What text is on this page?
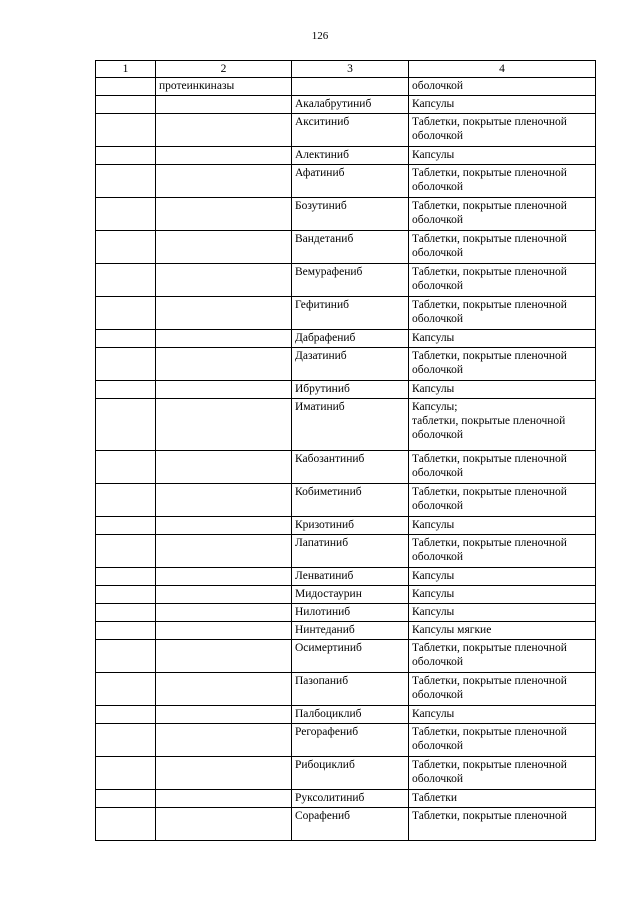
126
1	2	3	4
	протеинкиназы		оболочкой
		Акалабрутиниб	Капсулы
		Акситиниб	Таблетки, покрытые пленочной оболочкой
		Алектиниб	Капсулы
		Афатиниб	Таблетки, покрытые пленочной оболочкой
		Бозутиниб	Таблетки, покрытые пленочной оболочкой
		Вандетаниб	Таблетки, покрытые пленочной оболочкой
		Вемурафениб	Таблетки, покрытые пленочной оболочкой
		Гефитиниб	Таблетки, покрытые пленочной оболочкой
		Дабрафениб	Капсулы
		Дазатиниб	Таблетки, покрытые пленочной оболочкой
		Ибрутиниб	Капсулы
		Иматиниб	Капсулы;
таблетки, покрытые пленочной оболочкой
		Кабозантиниб	Таблетки, покрытые пленочной оболочкой
		Кобиметиниб	Таблетки, покрытые пленочной оболочкой
		Кризотиниб	Капсулы
		Лапатиниб	Таблетки, покрытые пленочной оболочкой
		Ленватиниб	Капсулы
		Мидостаурин	Капсулы
		Нилотиниб	Капсулы
		Нинтеданиб	Капсулы мягкие
		Осимертиниб	Таблетки, покрытые пленочной оболочкой
		Пазопаниб	Таблетки, покрытые пленочной оболочкой
		Палбоциклиб	Капсулы
		Регорафениб	Таблетки, покрытые пленочной оболочкой
		Рибоциклиб	Таблетки, покрытые пленочной оболочкой
		Руксолитиниб	Таблетки
		Сорафениб	Таблетки, покрытые пленочной
